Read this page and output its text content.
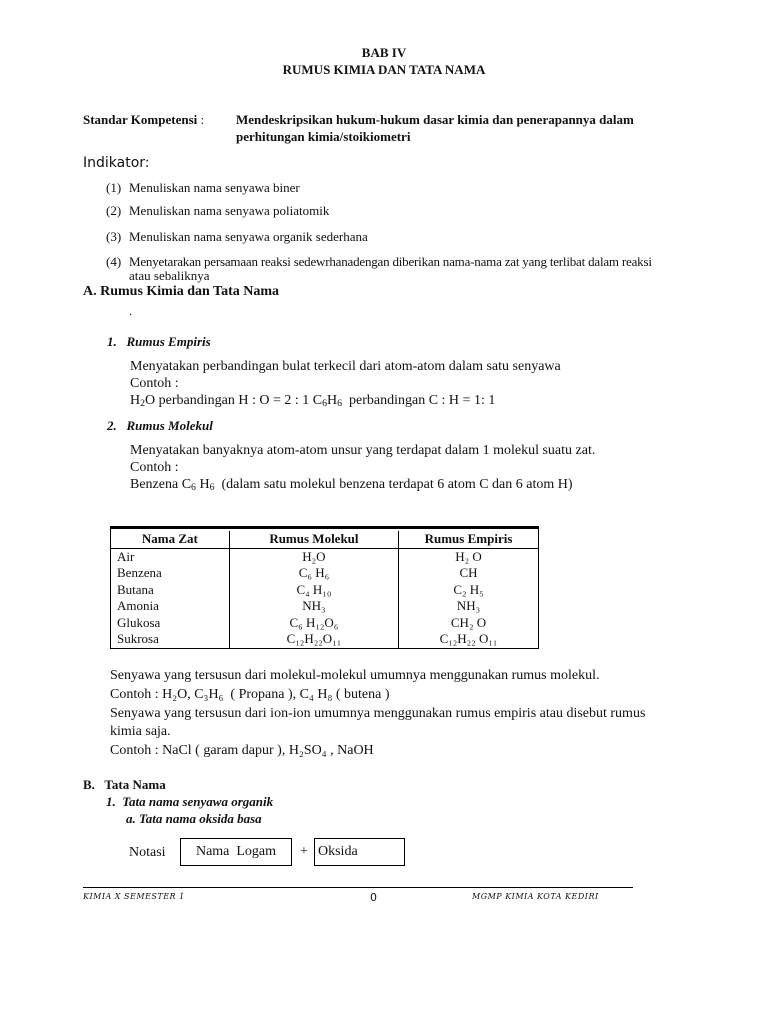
BAB IV
RUMUS KIMIA DAN TATA NAMA
Standar Kompetensi : Mendeskripsikan hukum-hukum dasar kimia dan penerapannya dalam
perhitungan kimia/stoikiometri
Indikator:
(1) Menuliskan nama senyawa biner
(2) Menuliskan nama senyawa poliatomik
(3) Menuliskan nama senyawa organik sederhana
(4) Menyetarakan persamaan reaksi sedewrhanadengan diberikan nama-nama zat yang terlibat dalam reaksi
atau sebaliknya
A. Rumus Kimia dan Tata Nama
.
1.   Rumus Empiris
Menyatakan perbandingan bulat terkecil dari atom-atom dalam satu senyawa
Contoh :
$H_2O$ perbandingan H : O = 2 : 1 $C_6H_6$  perbandingan C : H = 1: 1
2.   Rumus Molekul
Menyatakan banyaknya atom-atom unsur yang terdapat dalam 1 molekul suatu zat.
Contoh :
Benzena $C_6$ $H_6$  (dalam satu molekul benzena terdapat 6 atom C dan 6 atom H)
Nama Zat	Rumus Molekul	Rumus Empiris
Air	H₂O	H₂ O
Benzena	C₆ H₆	CH
Butana	C₄ H₁₀	C₂ H₅
Amonia	NH₃	NH₃
Glukosa	C₆ H₁₂O₆	CH₂ O
Sukrosa	C₁₂H₂₂O₁₁	C₁₂H₂₂ O₁₁
Senyawa yang tersusun dari molekul-molekul umumnya menggunakan rumus molekul.
Contoh : H₂O, C₃H₆  ( Propana ), C₄ H₈ ( butena )
Senyawa yang tersusun dari ion-ion umumnya menggunakan rumus empiris atau disebut rumus
kimia saja.
Contoh : NaCl ( garam dapur ), H₂SO₄ , NaOH
B.   Tata Nama
1.  Tata nama senyawa organik
a. Tata nama oksida basa
Notasi	Nama  Logam	+ Oksida
KIMIA X SEMESTER 1	0	MGMP KIMIA KOTA KEDIRI
